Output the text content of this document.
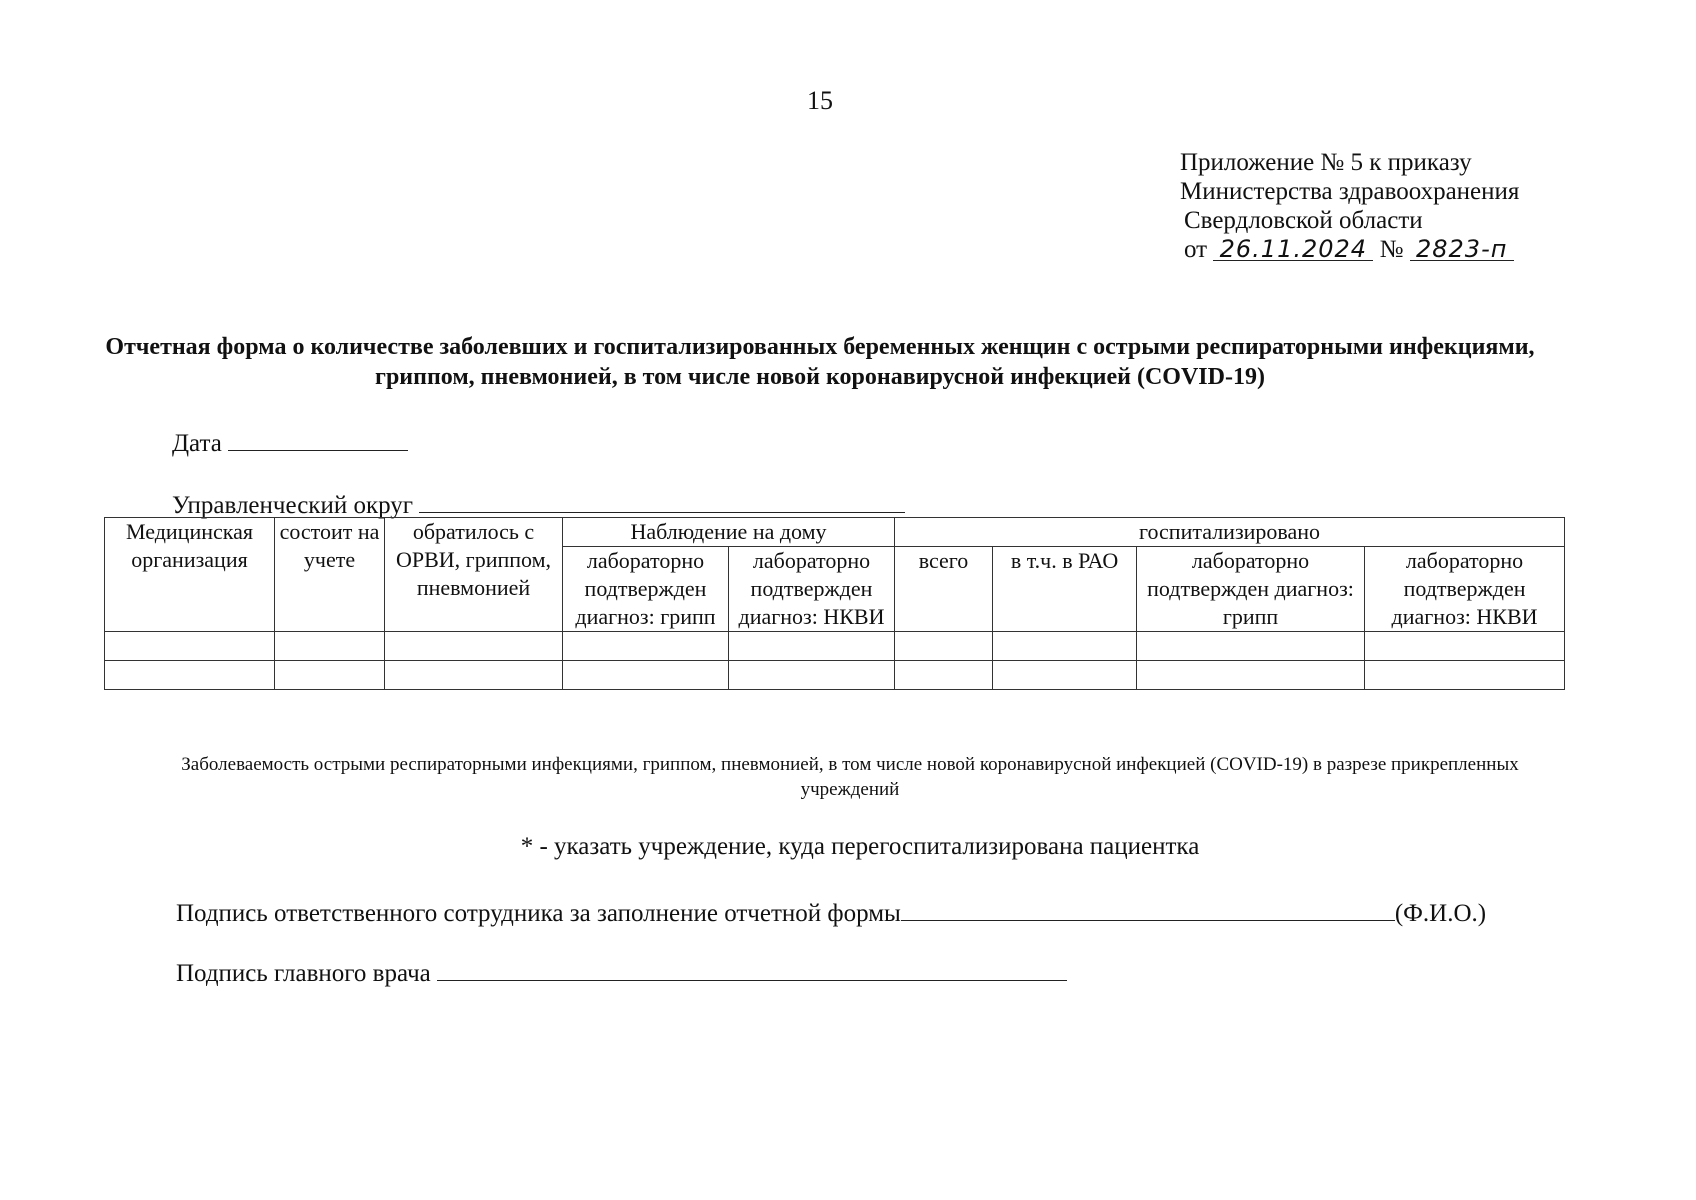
15
Приложение № 5 к приказу
Министерства здравоохранения
Свердловской области
от 26.11.2024 № 2823-п
Отчетная форма о количестве заболевших и госпитализированных беременных женщин с острыми респираторными инфекциями, гриппом, пневмонией, в том числе новой коронавирусной инфекцией (COVID-19)
Дата
Управленческий округ
Медицинская организация	состоит на учете	обратилось с ОРВИ, гриппом, пневмонией	Наблюдение на дому		госпитализировано			
			лабораторно подтвержден диагноз: грипп	лабораторно подтвержден диагноз: НКВИ	всего	в т.ч. в РАО	лабораторно подтвержден диагноз: грипп	лабораторно подтвержден диагноз: НКВИ

Заболеваемость острыми респираторными инфекциями, гриппом, пневмонией, в том числе новой коронавирусной инфекцией (COVID-19) в разрезе прикрепленных учреждений
* - указать учреждение, куда перегоспитализирована пациентка
Подпись ответственного сотрудника за заполнение отчетной формы	(Ф.И.О.)
Подпись главного врача
